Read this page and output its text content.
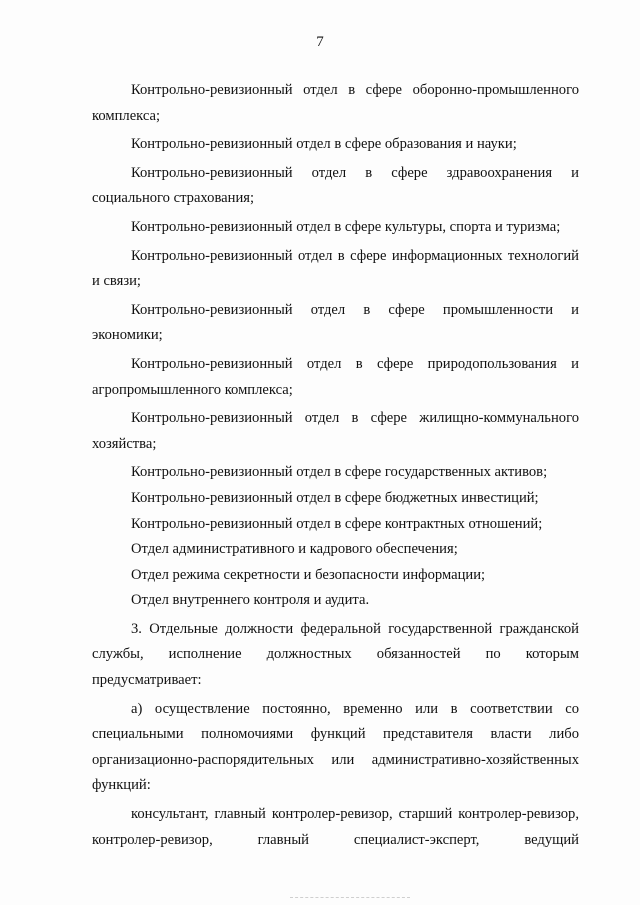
7

Контрольно-ревизионный отдел в сфере оборонно-промышленного комплекса;

Контрольно-ревизионный отдел в сфере образования и науки;

Контрольно-ревизионный отдел в сфере здравоохранения и социального страхования;

Контрольно-ревизионный отдел в сфере культуры, спорта и туризма;

Контрольно-ревизионный отдел в сфере информационных технологий и связи;

Контрольно-ревизионный отдел в сфере промышленности и экономики;

Контрольно-ревизионный отдел в сфере природопользования и агропромышленного комплекса;

Контрольно-ревизионный отдел в сфере жилищно-коммунального хозяйства;

Контрольно-ревизионный отдел в сфере государственных активов;

Контрольно-ревизионный отдел в сфере бюджетных инвестиций;

Контрольно-ревизионный отдел в сфере контрактных отношений;

Отдел административного и кадрового обеспечения;

Отдел режима секретности и безопасности информации;

Отдел внутреннего контроля и аудита.

3. Отдельные должности федеральной государственной гражданской службы, исполнение должностных обязанностей по которым предусматривает:

а) осуществление постоянно, временно или в соответствии со специальными полномочиями функций представителя власти либо организационно-распорядительных или административно-хозяйственных функций:

консультант, главный контролер-ревизор, старший контролер-ревизор, контролер-ревизор, главный специалист-эксперт, ведущий
